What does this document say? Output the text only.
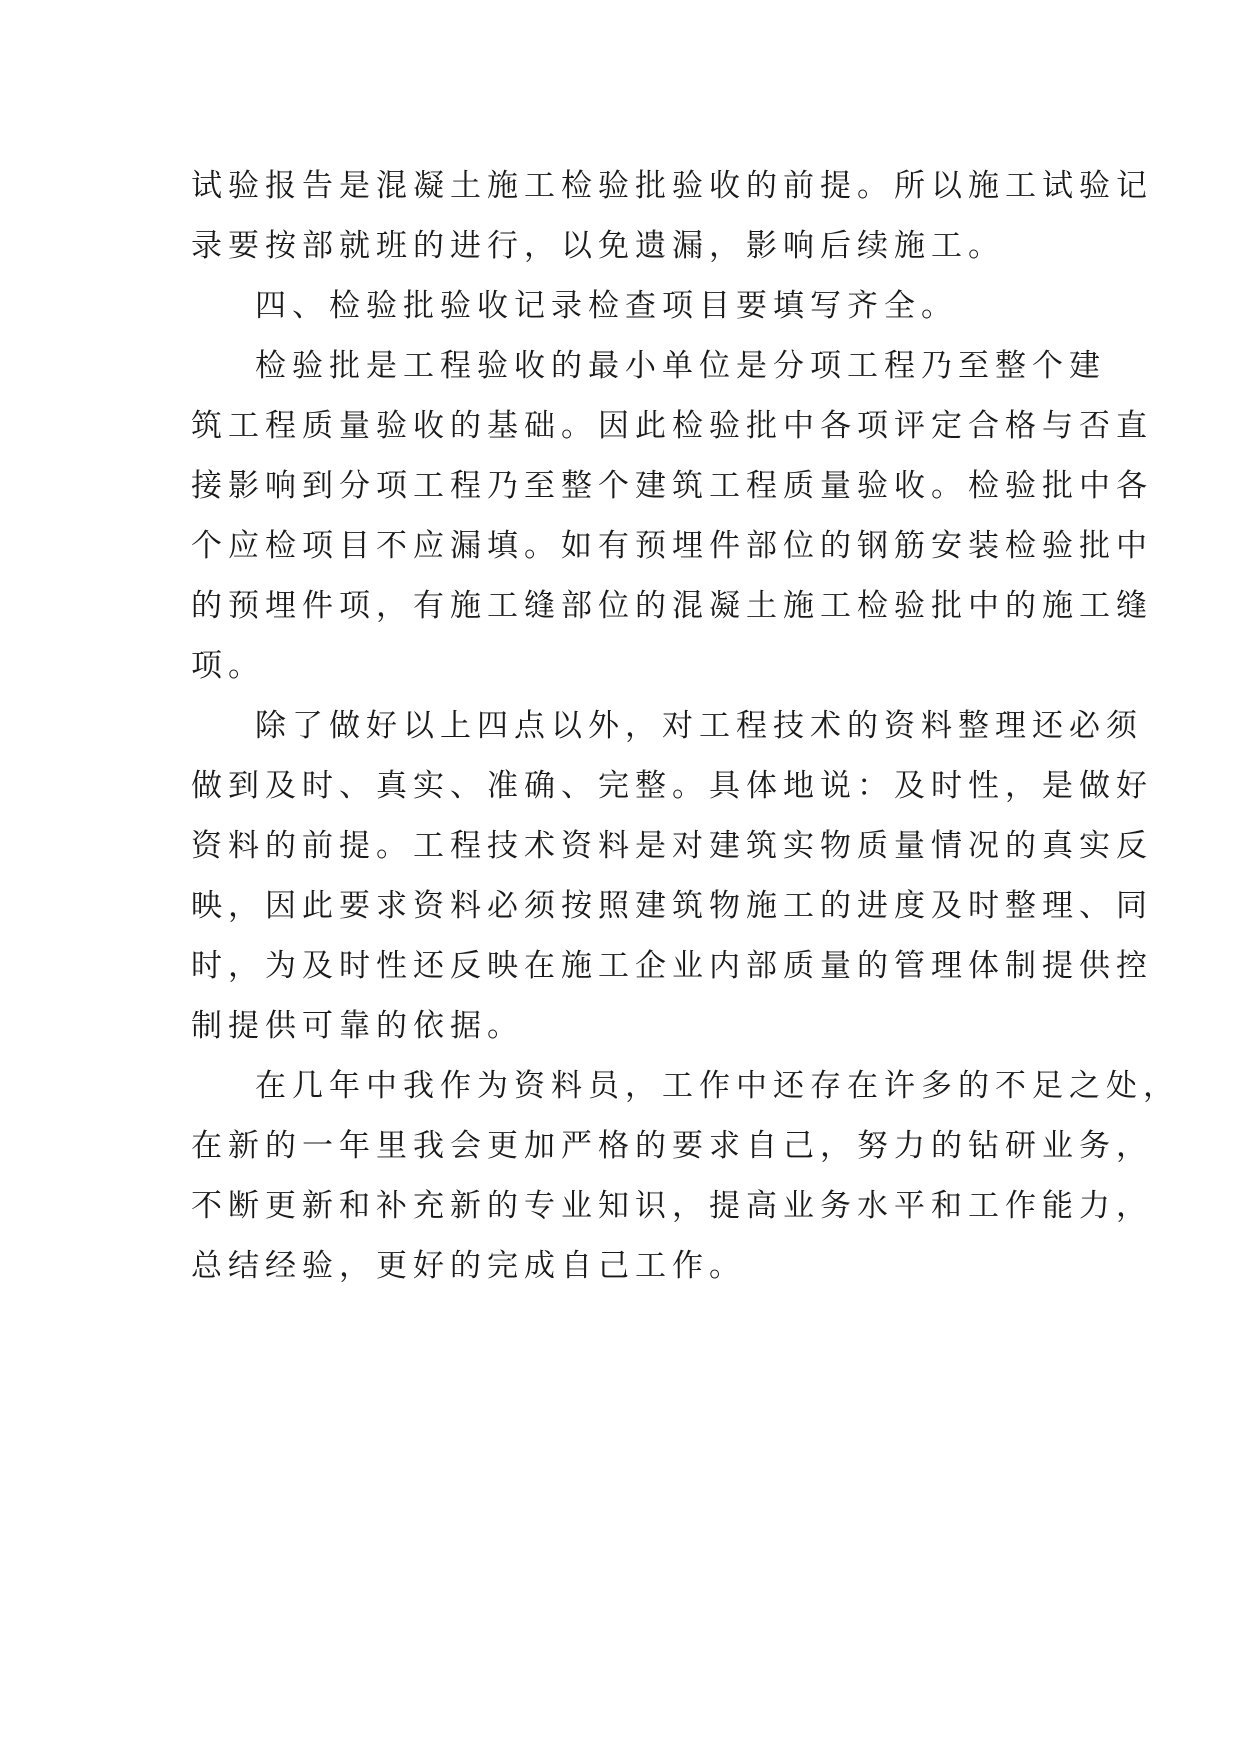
试验报告是混凝土施工检验批验收的前提。所以施工试验记

录要按部就班的进行，以免遗漏，影响后续施工。

四、检验批验收记录检查项目要填写齐全。

检验批是工程验收的最小单位是分项工程乃至整个建

筑工程质量验收的基础。因此检验批中各项评定合格与否直

接影响到分项工程乃至整个建筑工程质量验收。检验批中各

个应检项目不应漏填。如有预埋件部位的钢筋安装检验批中

的预埋件项，有施工缝部位的混凝土施工检验批中的施工缝

项。

除了做好以上四点以外，对工程技术的资料整理还必须

做到及时、真实、准确、完整。具体地说：及时性，是做好

资料的前提。工程技术资料是对建筑实物质量情况的真实反

映，因此要求资料必须按照建筑物施工的进度及时整理、同

时，为及时性还反映在施工企业内部质量的管理体制提供控

制提供可靠的依据。

在几年中我作为资料员，工作中还存在许多的不足之处，

在新的一年里我会更加严格的要求自己，努力的钻研业务，

不断更新和补充新的专业知识，提高业务水平和工作能力，

总结经验，更好的完成自己工作。
